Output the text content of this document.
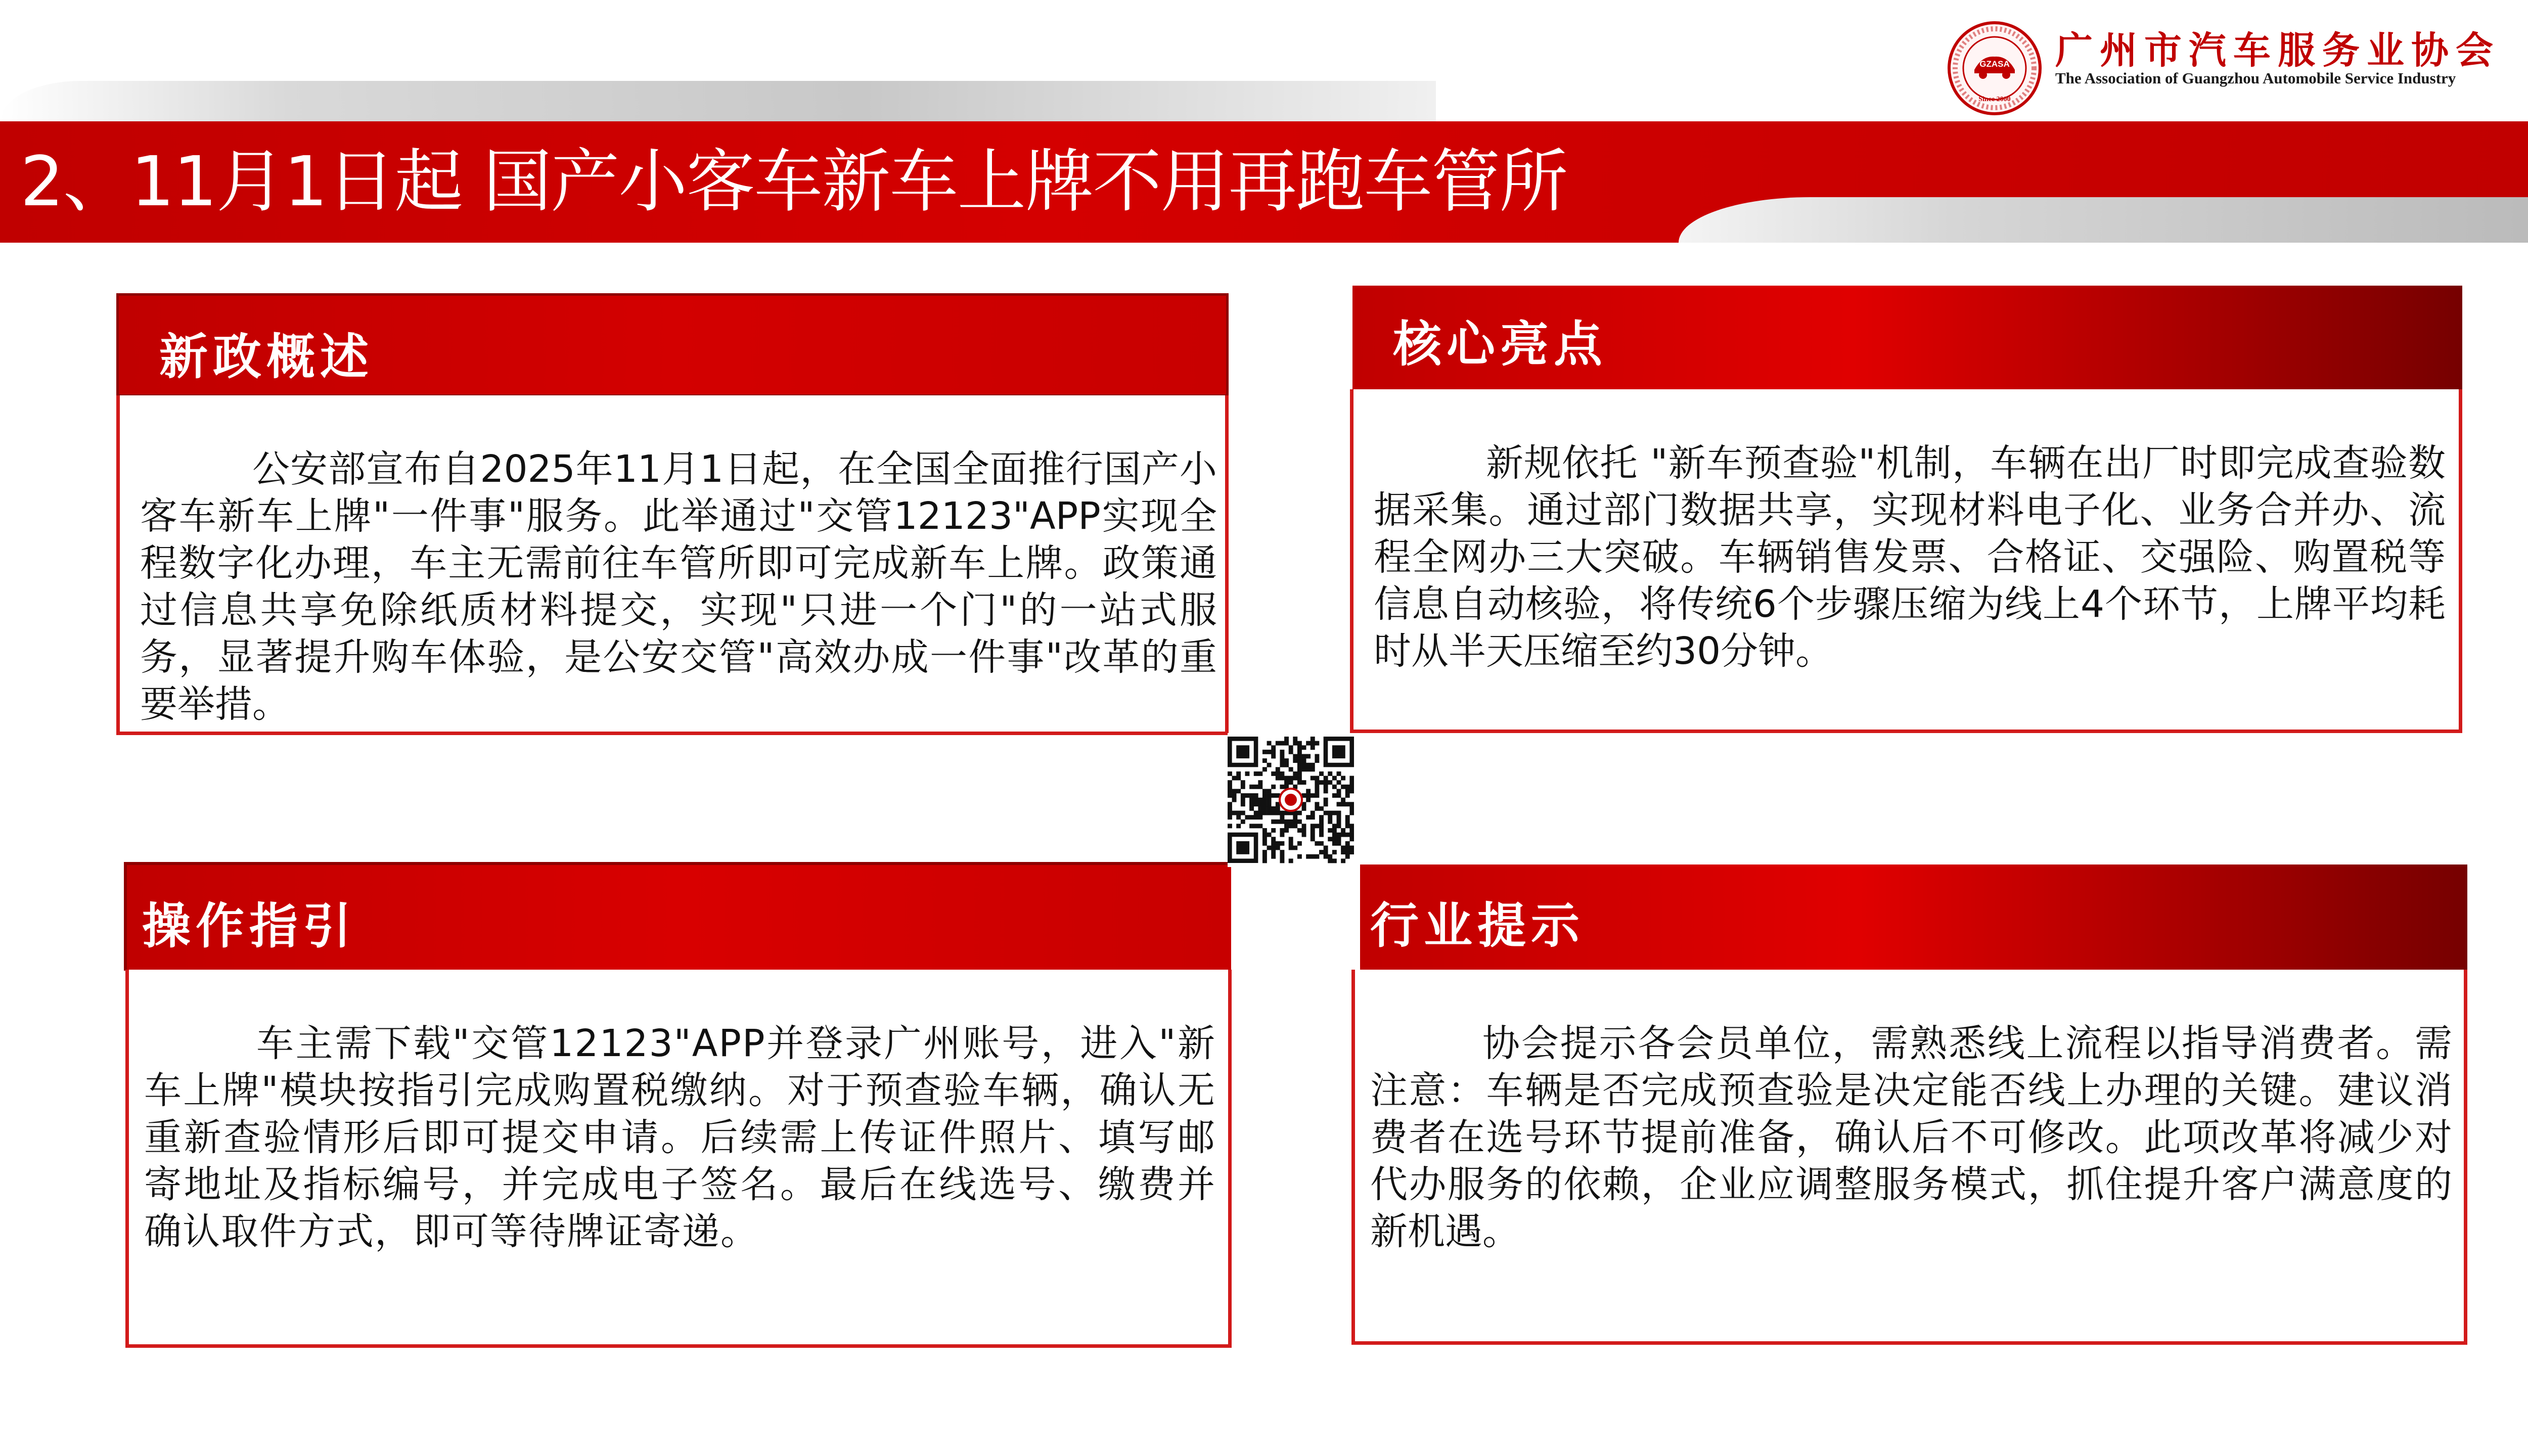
2、11月1日起 国产小客车新车上牌不用再跑车管所
GZASA
Since 2000
广州市汽车服务业协会
The Association of Guangzhou Automobile Service Industry
新政概述
公安部宣布自2025年11月1日起，在全国全面推行国产小客车新车上牌"一件事"服务。此举通过"交管12123"APP实现全程数字化办理，车主无需前往车管所即可完成新车上牌。政策通过信息共享免除纸质材料提交，实现"只进一个门"的一站式服务，显著提升购车体验，是公安交管"高效办成一件事"改革的重要举措。
核心亮点
新规依托 "新车预查验"机制，车辆在出厂时即完成查验数据采集。通过部门数据共享，实现材料电子化、业务合并办、流程全网办三大突破。车辆销售发票、合格证、交强险、购置税等信息自动核验，将传统6个步骤压缩为线上4个环节，上牌平均耗时从半天压缩至约30分钟。
操作指引
车主需下载"交管12123"APP并登录广州账号，进入"新车上牌"模块按指引完成购置税缴纳。对于预查验车辆，确认无重新查验情形后即可提交申请。后续需上传证件照片、填写邮寄地址及指标编号，并完成电子签名。最后在线选号、缴费并确认取件方式，即可等待牌证寄递。
行业提示
协会提示各会员单位，需熟悉线上流程以指导消费者。需注意：车辆是否完成预查验是决定能否线上办理的关键。建议消费者在选号环节提前准备，确认后不可修改。此项改革将减少对代办服务的依赖，企业应调整服务模式，抓住提升客户满意度的新机遇。
